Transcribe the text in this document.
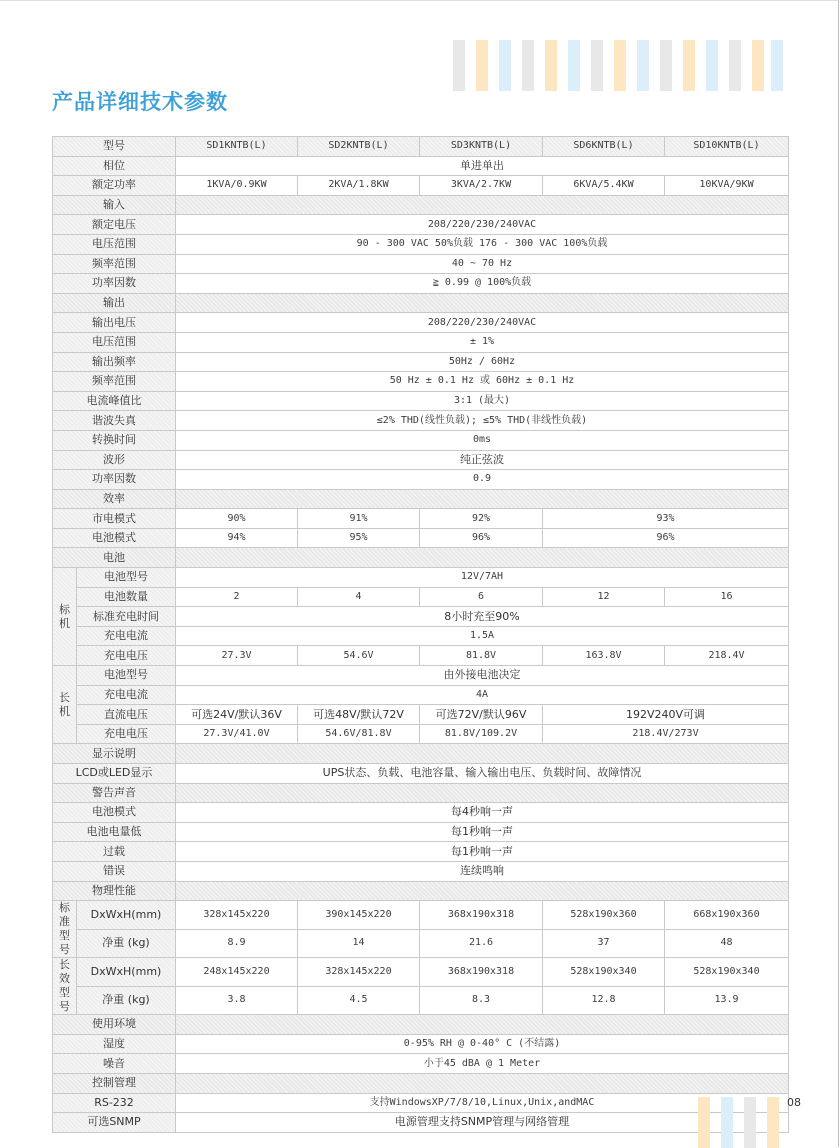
产品详细技术参数
型号		SD1KNTB(L)	SD2KNTB(L)	SD3KNTB(L)	SD6KNTB(L)	SD10KNTB(L)
相位		单进单出				
额定功率		1KVA/0.9KW	2KVA/1.8KW	3KVA/2.7KW	6KVA/5.4KW	10KVA/9KW
输入						
额定电压		208/220/230/240VAC				
电压范围		90 - 300 VAC 50%负载 176 - 300 VAC 100%负载				
频率范围		40 ~ 70 Hz				
功率因数		≧ 0.99 @ 100%负载				
输出						
输出电压		208/220/230/240VAC				
电压范围		± 1%				
输出频率		50Hz / 60Hz				
频率范围		50 Hz ± 0.1 Hz 或 60Hz ± 0.1 Hz				
电流峰值比		3:1 (最大)				
谐波失真		≤2% THD(线性负载); ≤5% THD(非线性负载)				
转换时间		0ms				
波形		纯正弦波				
功率因数		0.9				
效率						
市电模式		90%	91%	92%	93%	
电池模式		94%	95%	96%	96%	
电池						
标机	电池型号	12V/7AH				
	电池数量	2	4	6	12	16
	标准充电时间	8小时充至90%				
	充电电流	1.5A				
	充电电压	27.3V	54.6V	81.8V	163.8V	218.4V
长机	电池型号	由外接电池决定				
	充电电流	4A				
	直流电压	可选24V/默认36V	可选48V/默认72V	可选72V/默认96V	192V240V可调	
	充电电压	27.3V/41.0V	54.6V/81.8V	81.8V/109.2V	218.4V/273V	
显示说明						
LCD或LED显示		UPS状态、负载、电池容量、输入输出电压、负载时间、故障情况				
警告声音						
电池模式		每4秒响一声				
电池电量低		每1秒响一声				
过载		每1秒响一声				
错误		连续鸣响				
物理性能						
标准型号	DxWxH(mm)	328x145x220	390x145x220	368x190x318	528x190x360	668x190x360
	净重 (kg)	8.9	14	21.6	37	48
长效型号	DxWxH(mm)	248x145x220	328x145x220	368x190x318	528x190x340	528x190x340
	净重 (kg)	3.8	4.5	8.3	12.8	13.9
使用环境						
湿度		0-95% RH @ 0-40° C (不结露)				
噪音		小于45 dBA @ 1 Meter				
控制管理						
RS-232		支持WindowsXP/7/8/10,Linux,Unix,andMAC				
可选SNMP		电源管理支持SNMP管理与网络管理				
08
